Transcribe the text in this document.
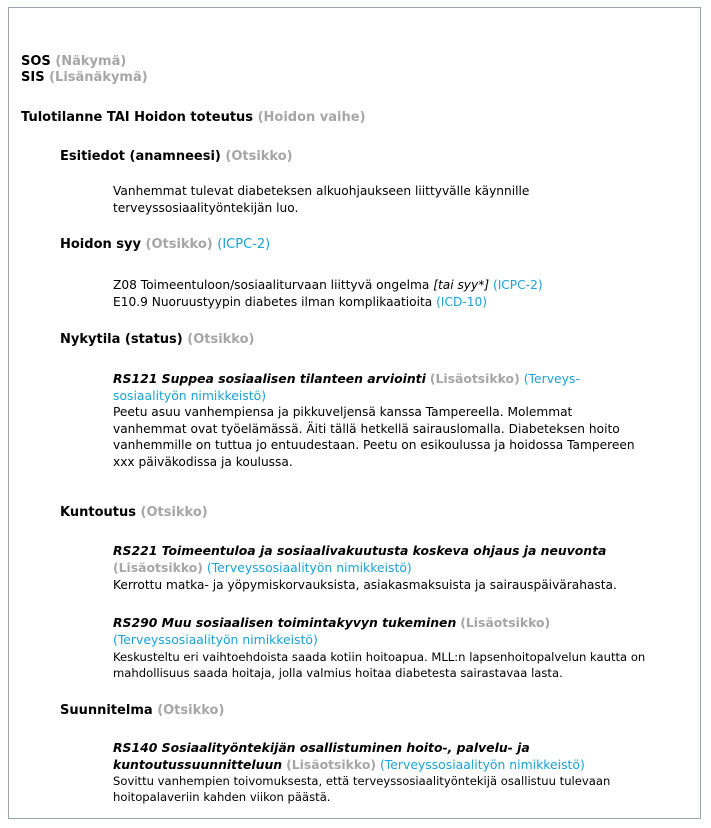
SOS (Näkymä)
SIS (Lisänäkymä)
Tulotilanne TAI Hoidon toteutus (Hoidon vaihe)
Esitiedot (anamneesi) (Otsikko)
Vanhemmat tulevat diabeteksen alkuohjaukseen liittyvälle käynnille
terveyssosiaalityöntekijän luo.
Hoidon syy (Otsikko) (ICPC-2)
Z08 Toimeentuloon/sosiaaliturvaan liittyvä ongelma [tai syy*] (ICPC-2)
E10.9 Nuoruustyypin diabetes ilman komplikaatioita (ICD-10)
Nykytila (status) (Otsikko)
RS121 Suppea sosiaalisen tilanteen arviointi (Lisäotsikko) (Terveys-
sosiaalityön nimikkeistö)
Peetu asuu vanhempiensa ja pikkuveljensä kanssa Tampereella. Molemmat
vanhemmat ovat työelämässä. Äiti tällä hetkellä sairauslomalla. Diabeteksen hoito
vanhemmille on tuttua jo entuudestaan. Peetu on esikoulussa ja hoidossa Tampereen
xxx päiväkodissa ja koulussa.
Kuntoutus (Otsikko)
RS221 Toimeentuloa ja sosiaalivakuutusta koskeva ohjaus ja neuvonta
(Lisäotsikko) (Terveyssosiaalityön nimikkeistö)
Kerrottu matka- ja yöpymiskorvauksista, asiakasmaksuista ja sairauspäivärahasta.
RS290 Muu sosiaalisen toimintakyvyn tukeminen (Lisäotsikko)
(Terveyssosiaalityön nimikkeistö)
Keskusteltu eri vaihtoehdoista saada kotiin hoitoapua. MLL:n lapsenhoitopalvelun kautta on
mahdollisuus saada hoitaja, jolla valmius hoitaa diabetesta sairastavaa lasta.
Suunnitelma (Otsikko)
RS140 Sosiaalityöntekijän osallistuminen hoito-, palvelu- ja
kuntoutussuunnitteluun (Lisäotsikko) (Terveyssosiaalityön nimikkeistö)
Sovittu vanhempien toivomuksesta, että terveyssosiaalityöntekijä osallistuu tulevaan
hoitopalaveriin kahden viikon päästä.
